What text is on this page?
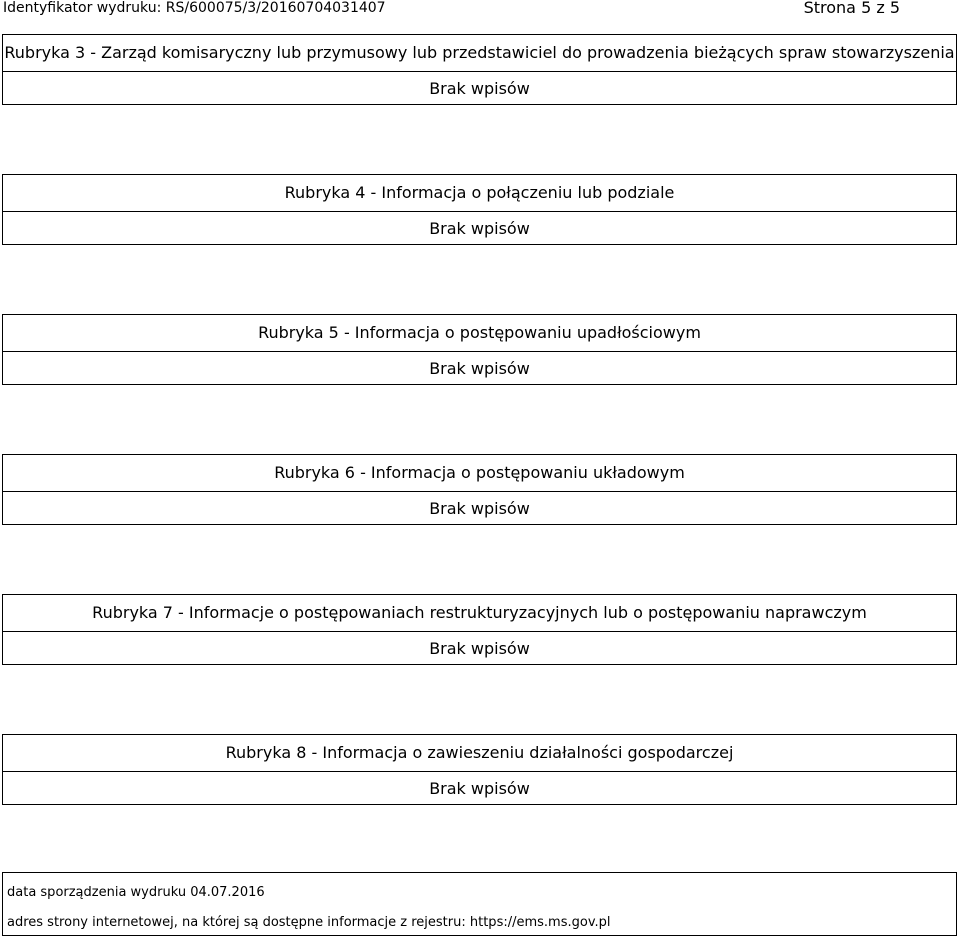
Identyfikator wydruku: RS/600075/3/20160704031407	Strona 5 z 5
Rubryka 3 - Zarząd komisaryczny lub przymusowy lub przedstawiciel do prowadzenia bieżących spraw stowarzyszenia
Brak wpisów
Rubryka 4 - Informacja o połączeniu lub podziale
Brak wpisów
Rubryka 5 - Informacja o postępowaniu upadłościowym
Brak wpisów
Rubryka 6 - Informacja o postępowaniu układowym
Brak wpisów
Rubryka 7 - Informacje o postępowaniach restrukturyzacyjnych lub o postępowaniu naprawczym
Brak wpisów
Rubryka 8 - Informacja o zawieszeniu działalności gospodarczej
Brak wpisów
data sporządzenia wydruku 04.07.2016
adres strony internetowej, na której są dostępne informacje z rejestru: https://ems.ms.gov.pl
